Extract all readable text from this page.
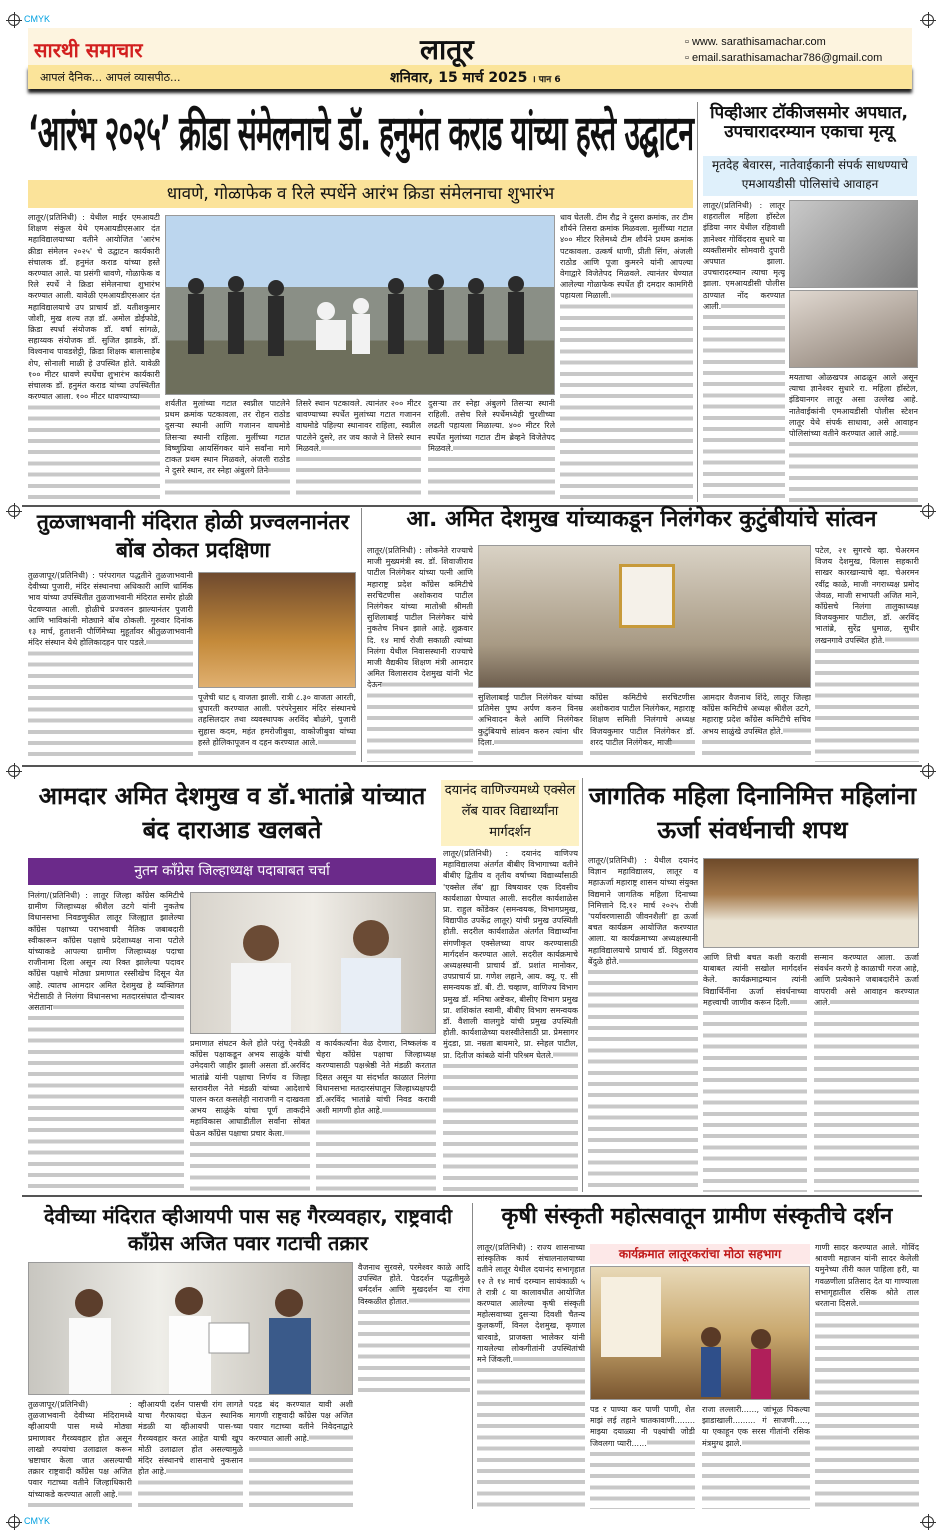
CMYK
CMYK
सारथी समाचार	लातूर	▫ www. sarathisamachar.com
▫ email.sarathisamachar786@gmail.com
आपलं दैनिक... आपलं व्यासपीठ...	शनिवार, 15 मार्च 2025 । पान 6
‘आरंभ २०२५’ क्रीडा संमेलनाचे डॉ. हनुमंत कराड यांच्या हस्ते उद्घाटन
धावणे, गोळाफेक व रिले स्पर्धेने आरंभ क्रिडा संमेलनाचा शुभारंभ
लातूर/(प्रतिनिधी) : येथील माईर एमआयटी शिक्षण संकुल येथे एमआयडीएसआर दंत महाविद्यालयाच्या वतीने आयोजित 'आरंभ क्रीडा संमेलन २०२५' चे उद्घाटन कार्यकारी संचालक डॉ. हनुमंत कराड यांच्या हस्ते करण्यात आले. या प्रसंगी धावणे, गोळाफेक व रिले स्पर्धे ने क्रिडा संमेलनाचा शुभारंभ करण्यात आली. यावेळी एमआयडीएसआर दंत महाविद्यालयाचे उप प्राचार्य डॉ. यतीशकुमार जोशी, मुख शल्य तज्ञ डॉ. अमोल डोईफोडे, क्रिडा स्पर्धा संयोजक डॉ. वर्षा सांगळे, सहाय्यक संयोजक डॉ. सुजित झाडके, डॉ. विश्वनाथ पावडशेट्टी, क्रिडा शिक्षक बालासाहेब शेप, सोनाली माळी हे उपस्थित होते. यावेळी १०० मीटर धावणे स्पर्धेचा शुभारंभ कार्यकारी संचालक डॉ. हनुमंत कराड यांच्या उपस्थितीत करण्यात आला. १०० मीटर धावण्याच्या
शर्यतीत मुलांच्या गटात स्वप्नील पाटलेने प्रथम क्रमांक पटकावला, तर रोहन राठोड दुसऱ्या स्थानी आणि गजानन वाघमोडे तिसऱ्या स्थानी राहिला. मुलींच्या गटात विष्णुप्रिया आयसिंगकर यांने सर्वांना मागे टाकत प्रथम स्थान मिळवले, अंजली राठोड ने दुसरे स्थान, तर स्नेहा अंबुलगे तिने
तिसरे स्थान पटकावले. त्यानंतर २०० मीटर धावण्याच्या स्पर्धेत मुलांच्या गटात गजानन वाघमोडे पहिल्या स्थानावर राहिला, स्वप्नील पाटलेने दुसरे, तर जय काजे ने तिसरे स्थान मिळवले.
दुसऱ्या तर स्नेहा अंबुलगे तिसऱ्या स्थानी राहिली. तसेच रिले स्पर्धेमध्येही चुरशीच्या लढती पहायला मिळाल्या. ४०० मीटर रिले स्पर्धेत मुलांच्या गटात टीम ब्रेव्हने विजेतेपद मिळवले.
धाव घेतली. टीम रौद्र ने दुसरा क्रमांक, तर टीम शौर्यने तिसरा क्रमांक मिळवला. मुलींच्या गटात ४०० मीटर रिलेमध्ये टीम शौर्यने प्रथम क्रमांक पटकावला. उत्कर्ष धाणी, प्रीती सिंग, अंजली राठोड आणि पूजा कुमरने यांनी आपल्या वेगाद्वारे विजेतेपद मिळवले. त्यानंतर घेण्यात आलेल्या गोळाफेक स्पर्धेत ही दमदार कामगिरी पहायला मिळाली.
पिव्हीआर टॉकीजसमोर अपघात, उपचारादरम्यान एकाचा मृत्यू
मृतदेह बेवारस, नातेवाईकानी संपर्क साधण्याचे एमआयडीसी पोलिसांचे आवाहन
लातूर/(प्रतिनिधी) : लातूर शहरातील महिला हॉस्टेल इंडिया नगर येथील रहिवाशी ज्ञानेश्वर गोविंदराव सुधारे या व्यक्तीसमोर सोमवारी दुपारी अपघात झाला. उपचारादरम्यान त्याचा मृत्यू झाला. एमआयडीसी पोलीस ठाण्यात नोंद करण्यात आली.
मयताचा ओळखपत्र आढळून आले असून त्याचा ज्ञानेश्वर सुधारे रा. महिला हॉस्टेल, इंडियानगर लातूर असा उल्लेख आहे. नातेवाईकांनी एमआयडीसी पोलीस स्टेशन लातूर येथे संपर्क साधावा, असे आवाहन पोलिसांच्या वतीने करण्यात आले आहे.
तुळजाभवानी मंदिरात होळी प्रज्वलनानंतर बोंब ठोकत प्रदक्षिणा
तुळजापूर/(प्रतिनिधी) : परंपरागत पद्धतीने तुळजाभवानी देवीच्या पुजारी, मंदिर संस्थानचा अधिकारी आणि धार्मिक भाव यांच्या उपस्थितीत तुळजाभवानी मंदिरात समोर होळी पेटवण्यात आली. होळीचे प्रज्वलन झाल्यानंतर पुजारी आणि भाविकांनी मोठ्याने बोंब ठोकली. गुरुवार दिनांक १३ मार्च, हुताशनी पौर्णिमेच्या मुहूर्तावर श्रीतुळजाभवानी मंदिर संस्थान येथे होलिकादहन पार पडले.
पूजेची धाट ६ वाजता झाली. रात्री ८.३० वाजता आरती, धुपारती करण्यात आली. परंपरेनुसार मंदिर संस्थानचे तहसिलदार तथा व्यवस्थापक अरविंद बोळंगे, पुजारी सुहास कदम, महंत हमरोजीबुवा, वाकोजीबुवा यांच्या हस्ते होलिकापूजन व दहन करण्यात आले.
आ. अमित देशमुख यांच्याकडून निलंगेकर कुटुंबीयांचे सांत्वन
लातूर/(प्रतिनिधी) : लोकनेते राज्याचे माजी मुख्यमंत्री स्व. डॉ. शिवाजीराव पाटील निलंगेकर यांच्या पत्नी आणि महाराष्ट्र प्रदेश काँग्रेस कमिटीचे सरचिटणीस अशोकराव पाटील निलंगेकर यांच्या मातोश्री श्रीमती सुशिलाबाई पाटील निलंगेकर यांचे नुकतेच निधन झाले आहे. शुक्रवार दि. १४ मार्च रोजी सकाळी त्यांच्या निलंगा येथील निवासस्थानी राज्याचे माजी वैद्यकीय शिक्षण मंत्री आमदार अमित विलासराव देशमुख यांनी भेट देऊन
पटेल, २१ सुगरचे व्हा. चेअरमन विजय देशमुख, विलास सहकारी साखर कारखान्याचे व्हा. चेअरमन रवींद्र काळे, माजी नगराध्यक्ष प्रमोद जेवळ, माजी सभापती अजित माने, काँग्रेसचे निलंगा तालुकाध्यक्ष विजयकुमार पाटील, डॉ. अरविंद भातांब्रे, सुरेंद्र धुमाळ, सुधीर लखनगावे उपस्थित होते.
सुशिलाबाई पाटील निलंगेकर यांच्या प्रतिमेस पुष्प अर्पण करुन विनम्र अभिवादन केले आणि निलंगेकर कुटुंबियाचे सांत्वन करुन त्यांना धीर दिला.
काँग्रेस कमिटीचे सरचिटणीस अशोकराव पाटील निलंगेकर, महाराष्ट्र शिक्षण समिती निलंगाचे अध्यक्ष विजयकुमार पाटील निलंगेकर डॉ. शरद पाटील निलंगेकर, माजी
आमदार वैजनाथ शिंदे, लातूर जिल्हा काँग्रेस कमिटीचे अध्यक्ष श्रीशैल उटगे, महाराष्ट्र प्रदेश काँग्रेस कमिटीचे सचिव अभय साळुंखे उपस्थित होते.
आमदार अमित देशमुख व डॉ.भातांब्रे यांच्यात बंद दाराआड खलबते
नुतन काँग्रेस जिल्हाध्यक्ष पदाबाबत चर्चा
निलंगा/(प्रतिनिधी) : लातूर जिल्हा काँग्रेस कमिटीचे ग्रामीण जिल्हाध्यक्ष श्रीशैल उटगे यांनी नुकतेच विधानसभा निवडणुकीत लातूर जिल्ह्यात झालेल्या काँग्रेस पक्षाच्या पराभवाची नैतिक जबाबदारी स्वीकारून काँग्रेस पक्षाचे प्रदेशाध्यक्ष नाना पटोले यांच्याकडे आपल्या ग्रामीण जिल्हाध्यक्ष पदाचा राजीनामा दिला असून त्या रिक्त झालेल्या पदावर काँग्रेस पक्षाचे मोठ्या प्रमाणात रस्सीखेच दिसून येत आहे. त्यातच आमदार अमित देशमुख हे व्यक्तिगत भेटीसाठी ते निलंगा विधानसभा मतदारसंघात दौऱ्यावर असताना
प्रमाणात संघटन केले होते परंतु ऐनवेळी काँग्रेस पक्षाकडून अभय साळुंके यांची उमेदवारी जाहीर झाली असता डॉ.अरविंद भातांब्रे यांनी पक्षाचा निर्णय व जिल्हा स्तरावरील नेते मंडळी यांच्या आदेशाचे पालन करत कसलेही नाराजगी न दाखवता अभय साळुंके यांचा पूर्ण ताकदीने महाविकास आघाडीतील सर्वांना सोबत घेऊन काँग्रेस पक्षाचा प्रचार केला.
व कार्यकर्त्यांना वेळ देणारा, निष्कलंक व चेहरा काँग्रेस पक्षाचा जिल्हाध्यक्ष करण्यासाठी पक्षश्रेष्ठी नेते मंडळी करतात दिसत असून या संदर्भात काळात निलंगा विधानसभा मतदारसंघातून जिल्हाध्यक्षपदी डॉ.अरविंद भातांब्रे यांची निवड करावी अशी मागणी होत आहे.
दयानंद वाणिज्यमध्ये एक्सेल लॅब यावर विद्यार्थ्यांना मार्गदर्शन
लातूर/(प्रतिनिधी) : दयानंद वाणिज्य महाविद्यालया अंतर्गत बीबीए विभागाच्या वतीने बीबीए द्वितीय व तृतीय वर्षाच्या विद्यार्थ्यांसाठी 'एक्सेल लॅब' ह्या विषयावर एक दिवसीय कार्यशाळा घेण्यात आली. सदरील कार्यशाळेस प्रा. राहुल कोंडेकर (समन्वयक, विभागप्रमुख, विद्यापीठ उपकेंद्र लातूर) यांची प्रमुख उपस्थिती होती. सदरील कार्यशाळेत अंतर्गत विद्यार्थ्यांना संगणीकृत एक्सेलच्या वापर करण्यासाठी मार्गदर्शन करण्यात आले. सदरील कार्यक्रमाचे अध्यक्षस्थानी प्राचार्य डॉ. प्रशांत मानोकर, उपप्राचार्य प्रा. गणेश लहाने, आय. क्यू. ए. सी समन्वयक डॉ. बी. टी. चव्हाण, वाणिज्य विभाग प्रमुख डॉ. मनिषा अष्टेकर, बीसीए विभाग प्रमुख प्रा. शशिकांत स्वामी, बीबीए विभाग समन्वयक डॉ. वैशाली वालगुडे यांची प्रमुख उपस्थिती होती. कार्यशाळेच्या यशस्वीतेसाठी प्रा. प्रेमसागर मुंदडा, प्रा. नम्रता बायमारे, प्रा. स्नेहल पाटील, प्रा. दितीज कांबळे यांनी परिश्रम घेतले.
जागतिक महिला दिनानिमित्त महिलांना ऊर्जा संवर्धनाची शपथ
लातूर/(प्रतिनिधी) : येथील दयानंद विज्ञान महाविद्यालय, लातूर व महाऊर्जा महाराष्ट्र शासन यांच्या संयुक्त विद्यमाने जागतिक महिला दिनाच्या निमित्ताने दि.१२ मार्च २०२५ रोजी 'पर्यावरणासाठी जीवनशैली' हा ऊर्जा बचत कार्यक्रम आयोजित करण्यात आला. या कार्यक्रमाच्या अध्यक्षस्थानी महाविद्यालयाचे प्राचार्य डॉ. विठ्ठलराव बेंदुळे होते.	आणि तिची बचत कशी करावी याबाबत त्यांनी सखोल मार्गदर्शन केले. कार्यक्रमाद्रम्यान त्यांनी विद्यार्थिनींना ऊर्जा संवर्धनाच्या महत्त्वाची जाणीव करून दिली.
सन्मान करण्यात आला. ऊर्जा संवर्धन करणे हे काळाची गरज आहे, आणि प्रत्येकाने जबाबदारीने ऊर्जा वापरावी असे आवाहन करण्यात आले.
देवीच्या मंदिरात व्हीआयपी पास सह गैरव्यवहार, राष्ट्रवादी काँग्रेस अजित पवार गटाची तक्रार
वैजनाथ सुरवसे, परमेश्वर काळे आदि उपस्थित होते. पेडदर्शन पद्धतीमुळे धर्मदर्शन आणि मुखदर्शन या रांगा विस्कळीत होतात.
तुळजापूर/(प्रतिनिधी) : तुळजाभवानी देवीच्या मंदिरामध्ये व्हीआयपी पास मध्ये मोठ्या प्रमाणावर गैरव्यवहार होत असून लाखो रुपयांचा उलाढाल करून भ्रष्टाचार केला जात असल्याची तक्रार राष्ट्रवादी काँग्रेस पक्ष अजित पवार गटाच्या वतीने जिल्हाधिकारी यांच्याकडे करण्यात आली आहे.
व्हीआयपी दर्शन पासची रांग लागते याचा गैरफायदा घेऊन स्थानिक मंडळी या व्हीआयपी पास-च्या गैरव्यवहार करत आहेत याची खूप मोठी उलाढाल होत असल्यामुळे मंदिर संस्थानचे शासनाचे नुकसान होत आहे.
पदड बंद करण्यात यावी अशी मागणी राष्ट्रवादी काँग्रेस पक्ष अजित पवार गटाच्या वतीने निवेदनाद्वारे करण्यात आली आहे.
कृषी संस्कृती महोत्सवातून ग्रामीण संस्कृतीचे दर्शन
लातूर/(प्रतिनिधी) : राज्य शासनाच्या सांस्कृतिक कार्य संचालनालयाच्या वतीने लातूर येथील दयानंद सभागृहात १२ ते १४ मार्च दरम्यान सायंकाळी ५ ते रात्री ८ या कालावधीत आयोजित करण्यात आलेल्या कृषी संस्कृती महोत्सवाच्या दुसऱ्या दिवशी चैतन्य कुलकर्णी, विनल देशमुख, कृणाल धारवाडे, प्राजक्ता भालेकर यांनी गायलेल्या लोकगीतांनी उपस्थितांची मने जिंकली.
कार्यक्रमात लातूरकरांचा मोठा सहभाग
पड र पाण्या कर पाणी पाणी, शेत माझं लई तहाने चातकावाणी........ माझ्या दयाळ्या नी पक्ष्यांची जोडी जिवलगा प्यारी......
राजा लल्लारी......, जांभूळ पिकल्या झाडाखाली......... गं साजणी....., या एकाहून एक सरस गीतांनी रसिक मंत्रमुग्ध झाले.
गाणी सादर करण्यात आले. गोविंद श्रावणी महाजन यांनी सादर केलेली यमुनेच्या तीरी काल पाहिला हरी, या गवळणीला प्रतिसाद देत या गाण्याला सभागृहातील रसिक श्रोते ताल धरताना दिसले.
